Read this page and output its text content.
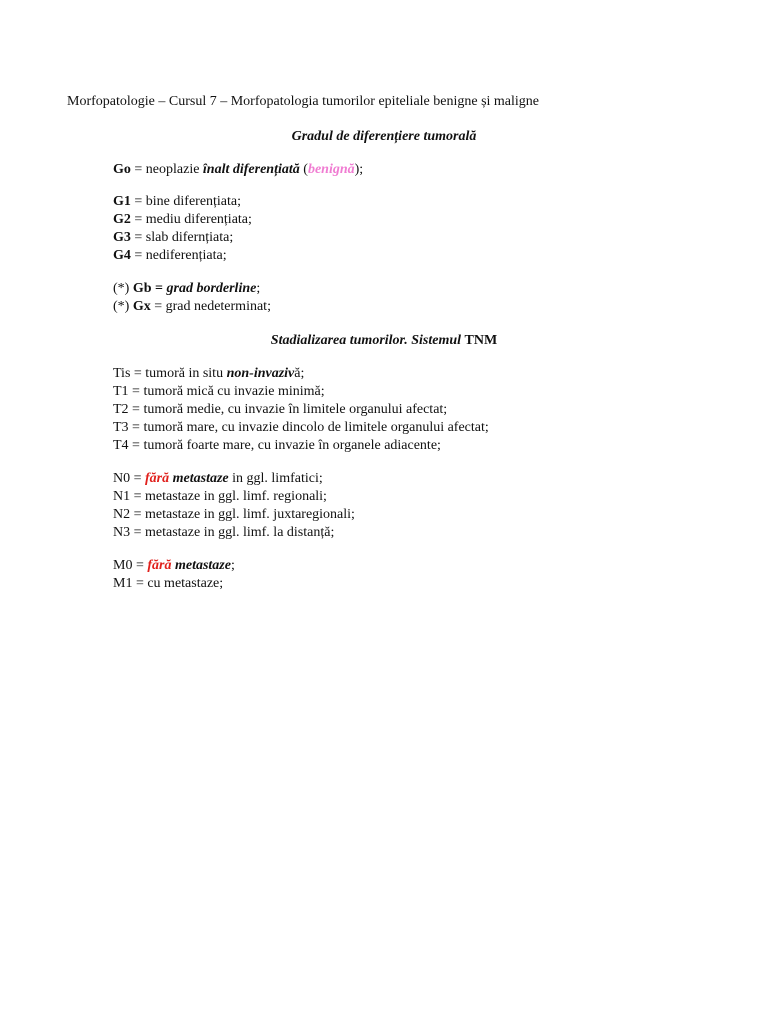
Morfopatologie – Cursul 7 – Morfopatologia tumorilor epiteliale benigne și maligne
Gradul de diferențiere tumorală
Go = neoplazie înalt diferențiată (benignă);
G1 = bine diferențiata;
G2 = mediu diferențiata;
G3 = slab difernțiata;
G4 = nediferențiata;
(*) Gb = grad borderline;
(*) Gx = grad nedeterminat;
Stadializarea tumorilor. Sistemul TNM
Tis = tumoră in situ non-invazivă;
T1 = tumoră mică cu invazie minimă;
T2 = tumoră medie, cu invazie în limitele organului afectat;
T3 = tumoră mare, cu invazie dincolo de limitele organului afectat;
T4 = tumoră foarte mare, cu invazie în organele adiacente;
N0 = fără metastaze in ggl. limfatici;
N1 = metastaze in ggl. limf. regionali;
N2 = metastaze in ggl. limf. juxtaregionali;
N3 = metastaze in ggl. limf. la distanță;
M0 = fără metastaze;
M1 = cu metastaze;
